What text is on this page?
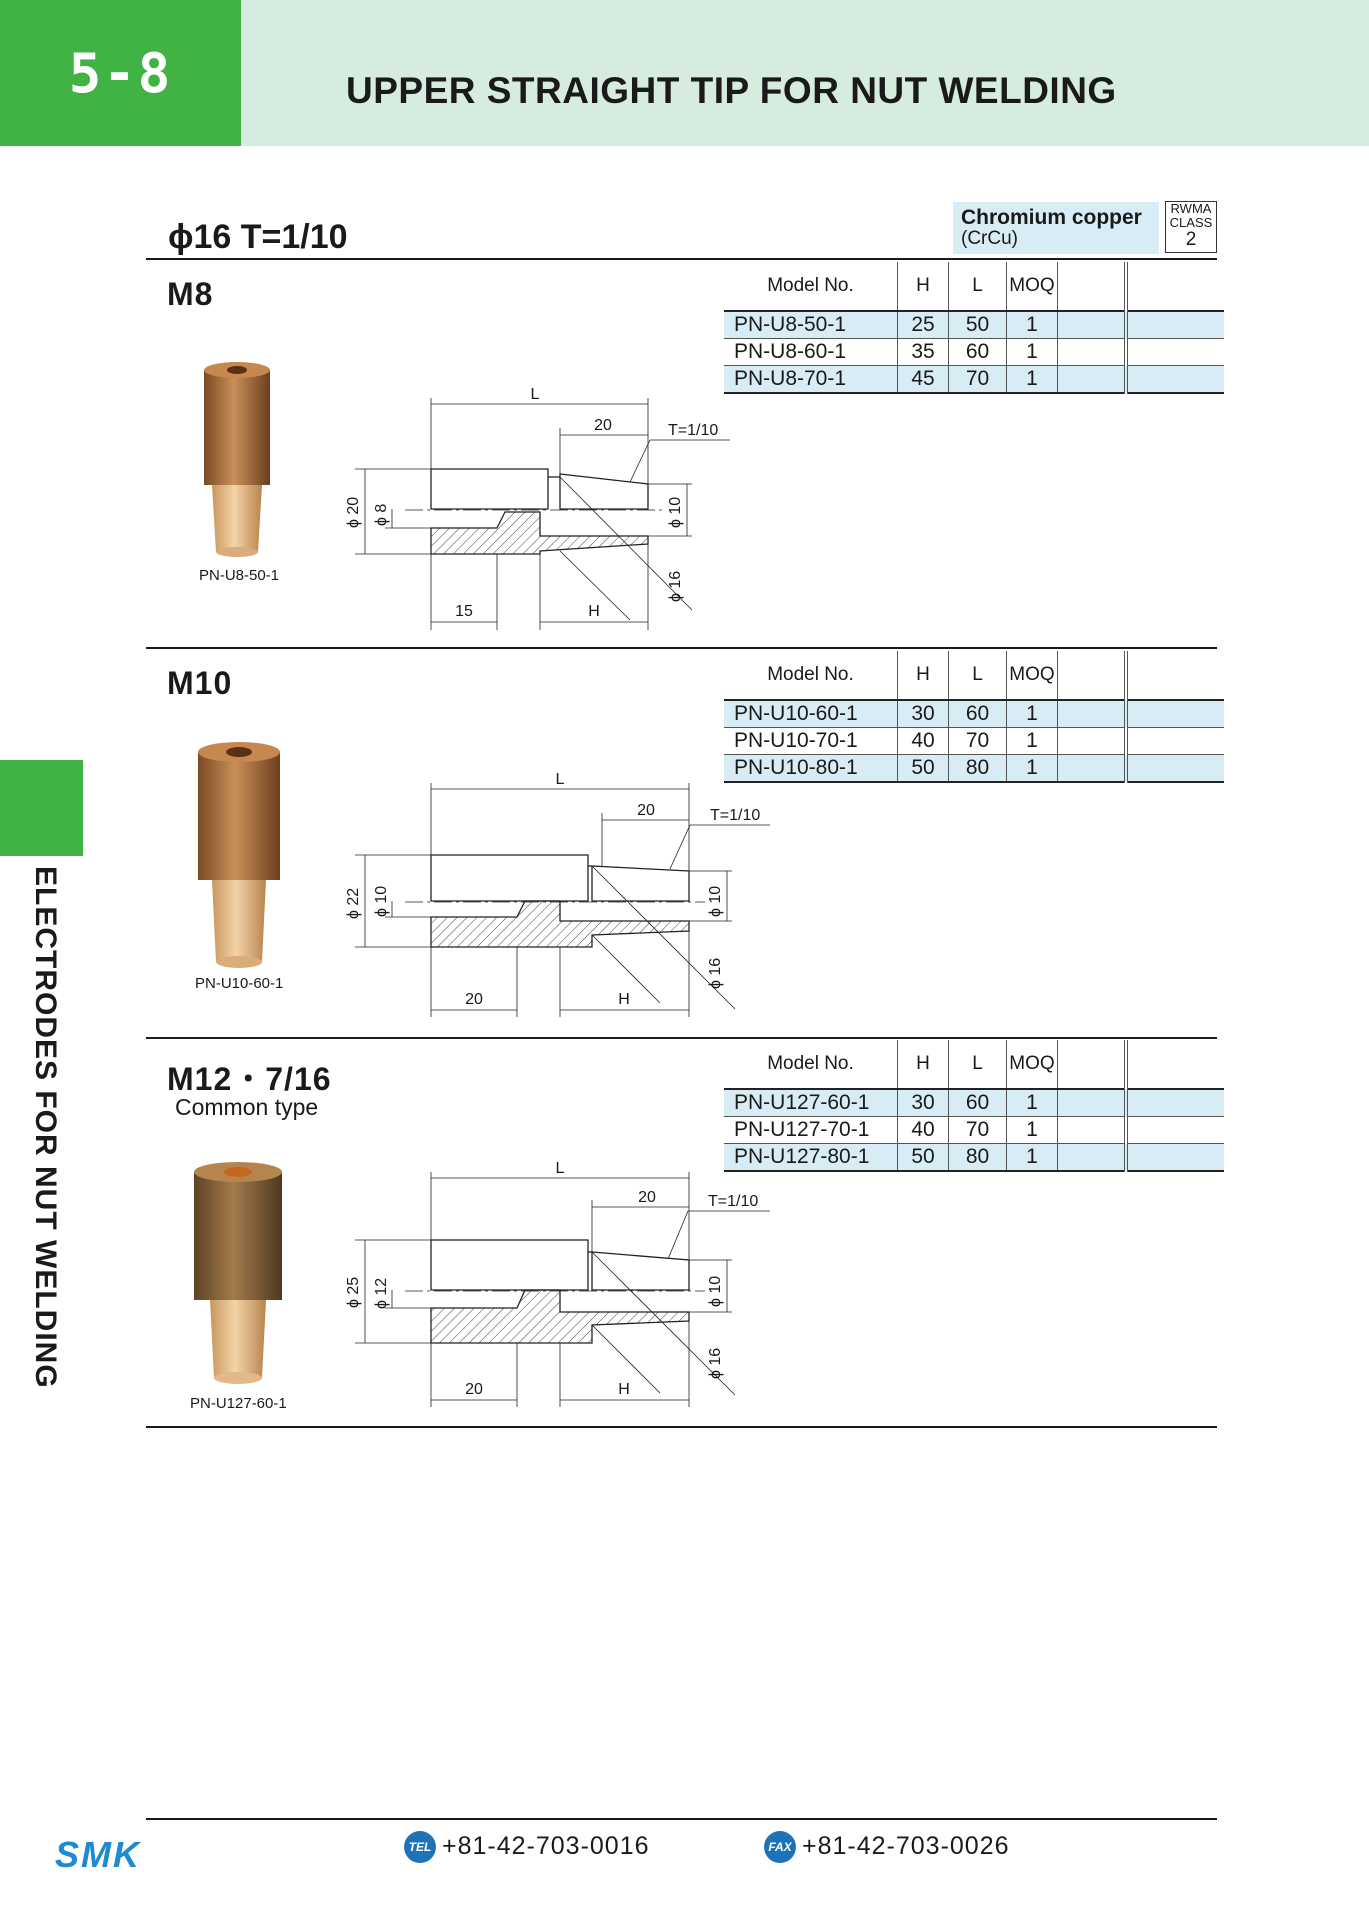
5-8	UPPER STRAIGHT TIP FOR NUT WELDING
ELECTRODES FOR NUT WELDING
ϕ16 T=1/10
Chromium copper
(CrCu)
RWMA
CLASS
2
M8
M10
M12・7/16
Common type
Model No.	H	L	MOQ		
PN-U8-50-1	25	50	1		
PN-U8-60-1	35	60	1		
PN-U8-70-1	45	70	1		
Model No.	H	L	MOQ		
PN-U10-60-1	30	60	1		
PN-U10-70-1	40	70	1		
PN-U10-80-1	50	80	1		
Model No.	H	L	MOQ		
PN-U127-60-1	30	60	1		
PN-U127-70-1	40	70	1		
PN-U127-80-1	50	80	1		
PN-U8-50-1
PN-U10-60-1
PN-U127-60-1
L
20	T=1/10
ϕ 20 ϕ 8	ϕ 10
ϕ 16
15	H
L
20	T=1/10
ϕ 22 ϕ 10	ϕ 10
ϕ 16
20	H
L
20	T=1/10
ϕ 25 ϕ 12	ϕ 10
ϕ 16
20	H
SMK	TEL +81-42-703-0016	FAX +81-42-703-0026
